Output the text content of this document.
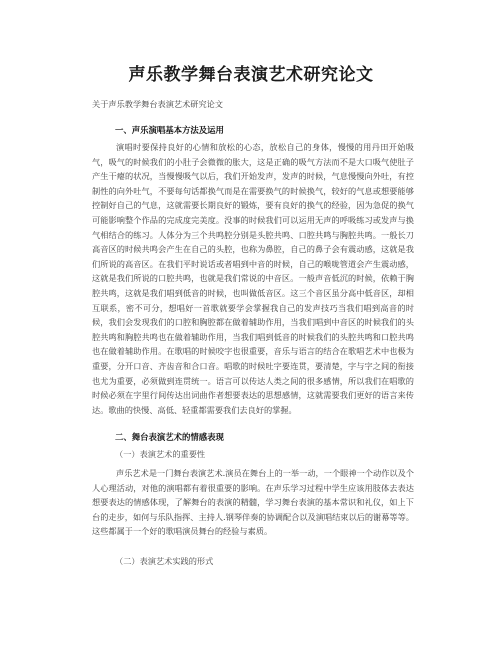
声乐教学舞台表演艺术研究论文
关于声乐教学舞台表演艺术研究论文
一、声乐演唱基本方法及运用
演唱时要保持良好的心情和放松的心态，放松自己的身体，慢慢的用丹田开始吸气，吸气的时候我们的小肚子会微微的胀大，这是正确的吸气方法而不是大口吸气使肚子产生干瘪的状况，当慢慢吸气以后，我们开始发声，发声的时候，气息慢慢向外吐，有控制性的向外吐气，不要每句话都换气而是在需要换气的时候换气，较好的气息或想要能够控制好自己的气息，这就需要长期良好的锻炼，要有良好的换气的经验，因为急促的换气可能影响整个作品的完成度完美度。没事的时候我们可以运用无声的呼吸练习或发声与换气相结合的练习。人体分为三个共鸣腔分别是头腔共鸣、口腔共鸣与胸腔共鸣。一般长刀高音区的时候共鸣会产生在自己的头腔，也称为鼻腔，自己的鼻子会有震动感，这就是我们所说的高音区。在我们平时说话或者唱到中音的时候，自己的喉咙管道会产生震动感，这就是我们所说的口腔共鸣，也就是我们常说的中音区。一般声音低沉的时候，依赖于胸腔共鸣，这就是我们唱到低音的时候，也叫做低音区。这三个音区虽分高中低音区，却相互联系，密不可分，想唱好一首歌就要学会掌握我自己的发声技巧当我们唱到高音的时候，我们会发现我们的口腔和胸腔都在做着辅助作用，当我们唱到中音区的时候我们的头腔共鸣和胸腔共鸣也在做着辅助作用，当我们唱到低音的时候我们的头腔共鸣和口腔共鸣也在做着辅助作用。在歌唱的时候咬字也很重要，音乐与语言的结合在歌唱艺术中也极为重要，分开口音、齐齿音和合口音。唱歌的时候吐字要连贯，要清楚，字与字之间的衔接也尤为重要，必须做到连贯统一。语言可以传达人类之间的很多感情，所以我们在唱歌的时候必须在字里行间传达出词曲作者想要表达的思想感情，这就需要我们更好的语言来传达。歌曲的快慢、高低、轻重都需要我们去良好的掌握。
二、舞台表演艺术的情感表现
（一）表演艺术的重要性
声乐艺术是一门舞台表演艺术.演员在舞台上的一举一动，一个眼神一个动作以及个人心理活动，对他的演唱都有着很重要的影响。在声乐学习过程中学生应该用肢体去表达想要表达的情感体现，了解舞台的表演的精髓，学习舞台表演的基本常识和礼仪，如上下台的走步，如何与乐队指挥、主持人.钢琴伴奏的协调配合以及演唱结束以后的谢幕等等。这些都属于一个好的歌唱演员舞台的经验与素质。
（二）表演艺术实践的形式
